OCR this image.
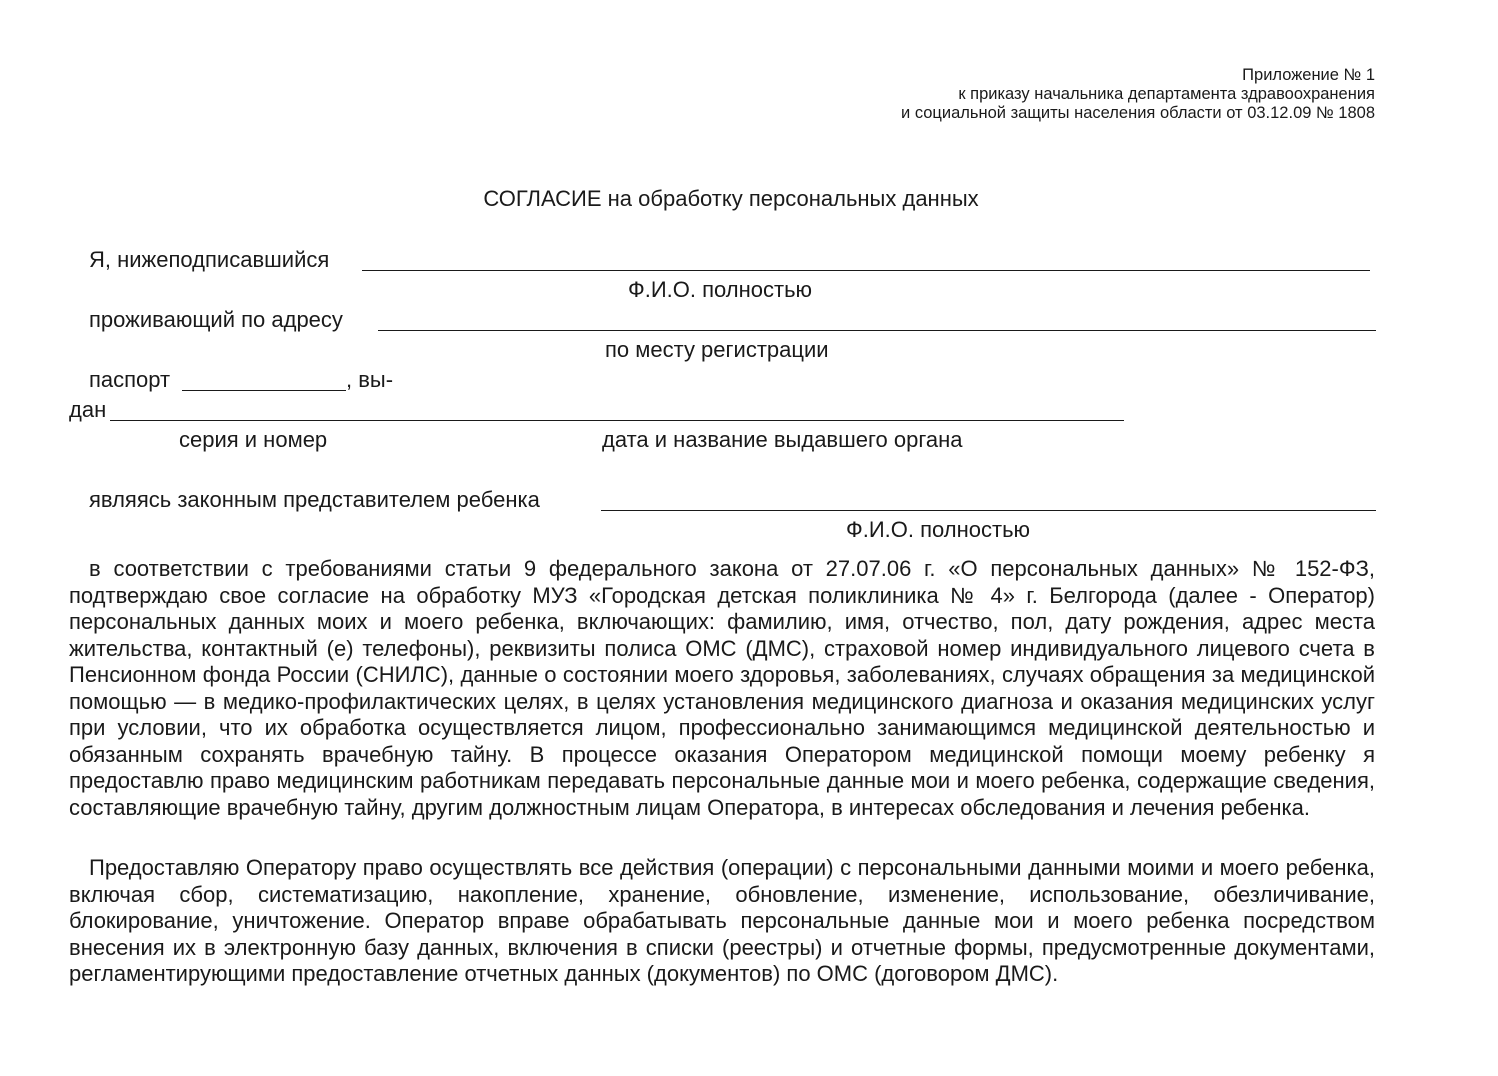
Приложение № 1
к приказу начальника департамента здравоохранения
и социальной защиты населения области от 03.12.09 № 1808
СОГЛАСИЕ на обработку персональных данных
Я, нижеподписавшийся
Ф.И.О. полностью
проживающий по адресу
по месту регистрации
паспорт	, вы-
дан
серия и номер	дата и название выдавшего органа
являясь законным представителем ребенка
Ф.И.О. полностью

в соответствии с требованиями статьи 9 федерального закона от 27.07.06 г. «О персональных данных» № 152-ФЗ, подтверждаю свое согласие на обработку МУЗ «Городская детская поликлиника № 4» г. Белгорода (далее - Оператор) персональных данных моих и моего ребенка, включающих: фамилию, имя, отчество, пол, дату рождения, адрес места жительства, контактный (е) телефоны), реквизиты полиса ОМС (ДМС), страховой номер индивидуального лицевого счета в Пенсионном фонда России (СНИЛС), данные о состоянии моего здоровья, заболеваниях, случаях обращения за медицинской помощью — в медико-профилактических целях, в целях установления медицинского диагноза и оказания медицинских услуг при условии, что их обработка осуществляется лицом, профессионально занимающимся медицинской деятельностью и обязанным сохранять врачебную тайну. В процессе оказания Оператором медицинской помощи моему ребенку я предоставлю право медицинским работникам передавать персональные данные мои и моего ребенка, содержащие сведения, составляющие врачебную тайну, другим должностным лицам Оператора, в интересах обследования и лечения ребенка.

Предоставляю Оператору право осуществлять все действия (операции) с персональными данными моими и моего ребенка, включая сбор, систематизацию, накопление, хранение, обновление, изменение, использование, обезличивание, блокирование, уничтожение. Оператор вправе обрабатывать персональные данные мои и моего ребенка посредством внесения их в электронную базу данных, включения в списки (реестры) и отчетные формы, предусмотренные документами, регламентирующими предоставление отчетных данных (документов) по ОМС (договором ДМС).
